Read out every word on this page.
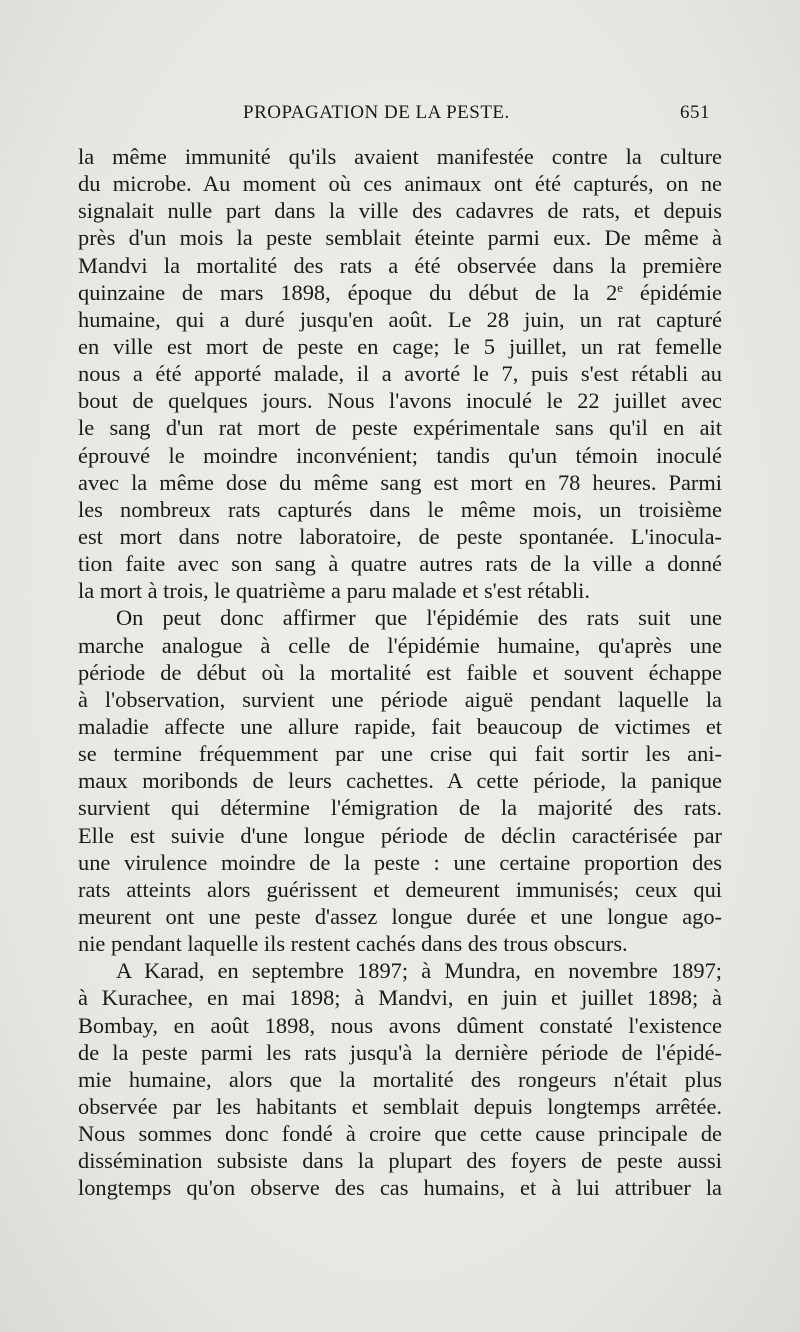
PROPAGATION DE LA PESTE.	651
la même immunité qu'ils avaient manifestée contre la culture
du microbe. Au moment où ces animaux ont été capturés, on ne
signalait nulle part dans la ville des cadavres de rats, et depuis
près d'un mois la peste semblait éteinte parmi eux. De même à
Mandvi la mortalité des rats a été observée dans la première
quinzaine de mars 1898, époque du début de la 2e épidémie
humaine, qui a duré jusqu'en août. Le 28 juin, un rat capturé
en ville est mort de peste en cage; le 5 juillet, un rat femelle
nous a été apporté malade, il a avorté le 7, puis s'est rétabli au
bout de quelques jours. Nous l'avons inoculé le 22 juillet avec
le sang d'un rat mort de peste expérimentale sans qu'il en ait
éprouvé le moindre inconvénient; tandis qu'un témoin inoculé
avec la même dose du même sang est mort en 78 heures. Parmi
les nombreux rats capturés dans le même mois, un troisième
est mort dans notre laboratoire, de peste spontanée. L'inocula-
tion faite avec son sang à quatre autres rats de la ville a donné
la mort à trois, le quatrième a paru malade et s'est rétabli.
On peut donc affirmer que l'épidémie des rats suit une
marche analogue à celle de l'épidémie humaine, qu'après une
période de début où la mortalité est faible et souvent échappe
à l'observation, survient une période aiguë pendant laquelle la
maladie affecte une allure rapide, fait beaucoup de victimes et
se termine fréquemment par une crise qui fait sortir les ani-
maux moribonds de leurs cachettes. A cette période, la panique
survient qui détermine l'émigration de la majorité des rats.
Elle est suivie d'une longue période de déclin caractérisée par
une virulence moindre de la peste : une certaine proportion des
rats atteints alors guérissent et demeurent immunisés; ceux qui
meurent ont une peste d'assez longue durée et une longue ago-
nie pendant laquelle ils restent cachés dans des trous obscurs.
A Karad, en septembre 1897; à Mundra, en novembre 1897;
à Kurachee, en mai 1898; à Mandvi, en juin et juillet 1898; à
Bombay, en août 1898, nous avons dûment constaté l'existence
de la peste parmi les rats jusqu'à la dernière période de l'épidé-
mie humaine, alors que la mortalité des rongeurs n'était plus
observée par les habitants et semblait depuis longtemps arrêtée.
Nous sommes donc fondé à croire que cette cause principale de
dissémination subsiste dans la plupart des foyers de peste aussi
longtemps qu'on observe des cas humains, et à lui attribuer la
